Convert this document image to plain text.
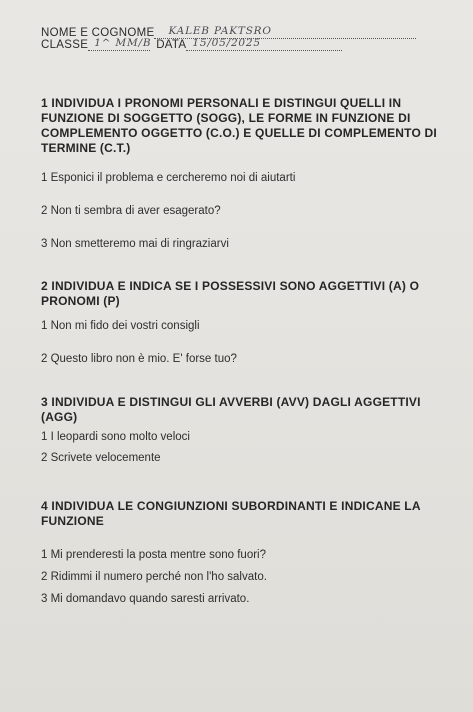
NOME E COGNOME KALEB PAKTSRO
CLASSE 1^ MM/B DATA 15/05/2025
1 INDIVIDUA I PRONOMI PERSONALI E DISTINGUI QUELLI IN FUNZIONE DI SOGGETTO (SOGG), LE FORME IN FUNZIONE DI COMPLEMENTO OGGETTO (C.O.) E QUELLE DI COMPLEMENTO DI TERMINE (C.T.)
1 Esponici il problema e cercheremo noi di aiutarti
2 Non ti sembra di aver esagerato?
3 Non smetteremo mai di ringraziarvi
2 INDIVIDUA E INDICA SE I POSSESSIVI SONO AGGETTIVI (A) O PRONOMI (P)
1 Non mi fido dei vostri consigli
2 Questo libro non è mio. E' forse tuo?
3 INDIVIDUA E DISTINGUI GLI AVVERBI (AVV) DAGLI AGGETTIVI (AGG)
1 I leopardi sono molto veloci
2 Scrivete velocemente
4 INDIVIDUA LE CONGIUNZIONI SUBORDINANTI E INDICANE LA FUNZIONE
1 Mi prenderesti la posta mentre sono fuori?
2 Ridimmi il numero perché non l'ho salvato.
3 Mi domandavo quando saresti arrivato.
